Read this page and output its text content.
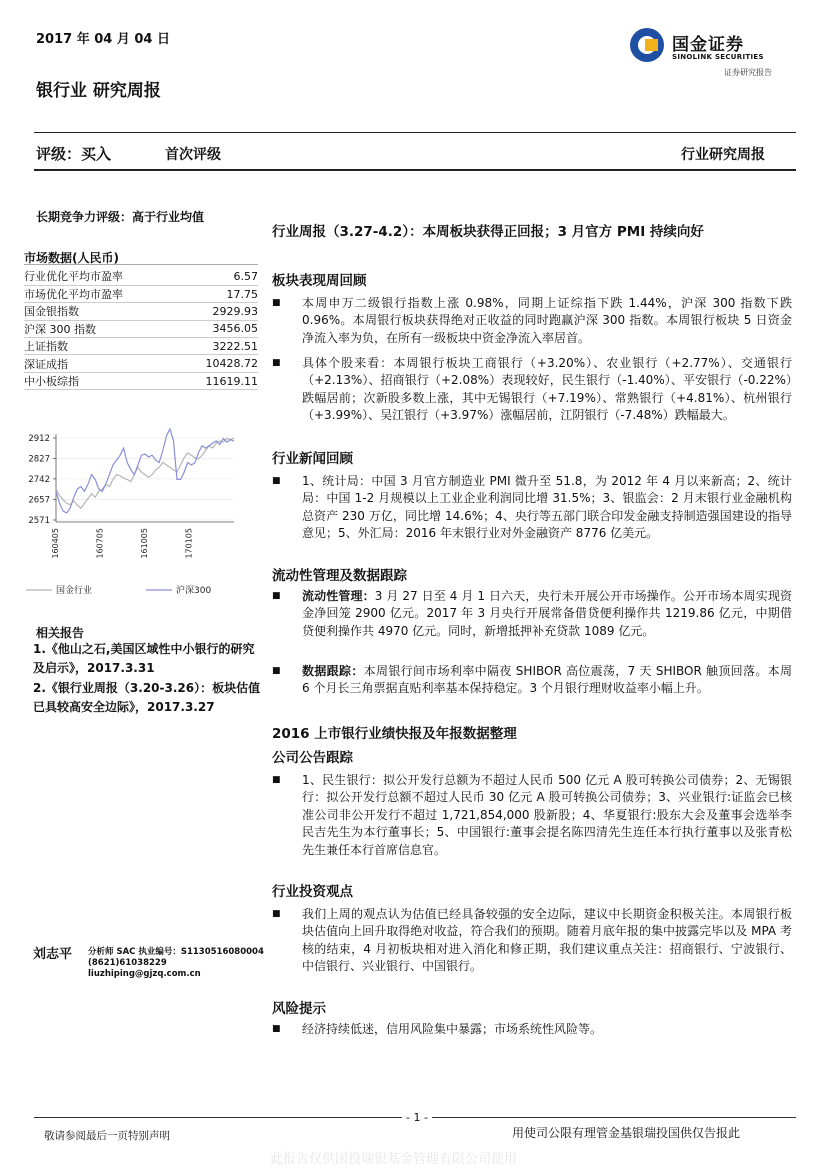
2017 年 04 月 04 日	国金证券
SINOLINK SECURITIES
证券研究报告
银行业 研究周报
评级：买入	首次评级	行业研究周报
长期竞争力评级：高于行业均值
市场数据(人民币)
行业优化平均市盈率	6.57
市场优化平均市盈率	17.75
国金银指数	2929.93
沪深 300 指数	3456.05
上证指数	3222.51
深证成指	10428.72
中小板综指	11619.11
2912
2827
2742
2657
2571
160405	160705	161005	170105
国金行业	沪深300
相关报告
1.《他山之石,美国区域性中小银行的研究及启示》，2017.3.31
2.《银行业周报（3.20-3.26）：板块估值已具较高安全边际》，2017.3.27
刘志平 分析师 SAC 执业编号：S1130516080004
(8621)61038229
liuzhiping@gjzq.com.cn
行业周报（3.27-4.2）：本周板块获得正回报；3 月官方 PMI 持续向好
板块表现周回顾
■ 本周申万二级银行指数上涨 0.98%，同期上证综指下跌 1.44%，沪深 300 指数下跌 0.96%。本周银行板块获得绝对正收益的同时跑赢沪深 300 指数。本周银行板块 5 日资金净流入率为负，在所有一级板块中资金净流入率居首。
■ 具体个股来看：本周银行板块工商银行（+3.20%）、农业银行（+2.77%）、交通银行（+2.13%）、招商银行（+2.08%）表现较好，民生银行（-1.40%）、平安银行（-0.22%）跌幅居前；次新股多数上涨，其中无锡银行（+7.19%）、常熟银行（+4.81%）、杭州银行（+3.99%）、吴江银行（+3.97%）涨幅居前，江阴银行（-7.48%）跌幅最大。
行业新闻回顾
■ 1、统计局：中国 3 月官方制造业 PMI 微升至 51.8，为 2012 年 4 月以来新高；2、统计局：中国 1-2 月规模以上工业企业利润同比增 31.5%；3、银监会：2 月末银行业金融机构总资产 230 万亿，同比增 14.6%；4、央行等五部门联合印发金融支持制造强国建设的指导意见；5、外汇局：2016 年末银行业对外金融资产 8776 亿美元。
流动性管理及数据跟踪
■ 流动性管理：3 月 27 日至 4 月 1 日六天，央行未开展公开市场操作。公开市场本周实现资金净回笼 2900 亿元。2017 年 3 月央行开展常备借贷便利操作共 1219.86 亿元，中期借贷便利操作共 4970 亿元。同时，新增抵押补充贷款 1089 亿元。
■ 数据跟踪：本周银行间市场利率中隔夜 SHIBOR 高位震荡，7 天 SHIBOR 触顶回落。本周 6 个月长三角票据直贴利率基本保持稳定。3 个月银行理财收益率小幅上升。
2016 上市银行业绩快报及年报数据整理
公司公告跟踪
■ 1、民生银行：拟公开发行总额为不超过人民币 500 亿元 A 股可转换公司债券；2、无锡银行：拟公开发行总额不超过人民币 30 亿元 A 股可转换公司债券；3、兴业银行:证监会已核准公司非公开发行不超过 1,721,854,000 股新股；4、华夏银行:股东大会及董事会选举李民吉先生为本行董事长；5、中国银行:董事会提名陈四清先生连任本行执行董事以及张青松先生兼任本行首席信息官。
行业投资观点
■ 我们上周的观点认为估值已经具备较强的安全边际，建议中长期资金积极关注。本周银行板块估值向上回升取得绝对收益，符合我们的预期。随着月底年报的集中披露完毕以及 MPA 考核的结束，4 月初板块相对进入消化和修正期，我们建议重点关注：招商银行、宁波银行、中信银行、兴业银行、中国银行。
风险提示
■ 经济持续低迷，信用风险集中暴露；市场系统性风险等。
- 1 -
敬请参阅最后一页特别声明	用使司公限有理管金基银瑞投国供仅告报此
此报告仅供国投瑞银基金管理有限公司使用
